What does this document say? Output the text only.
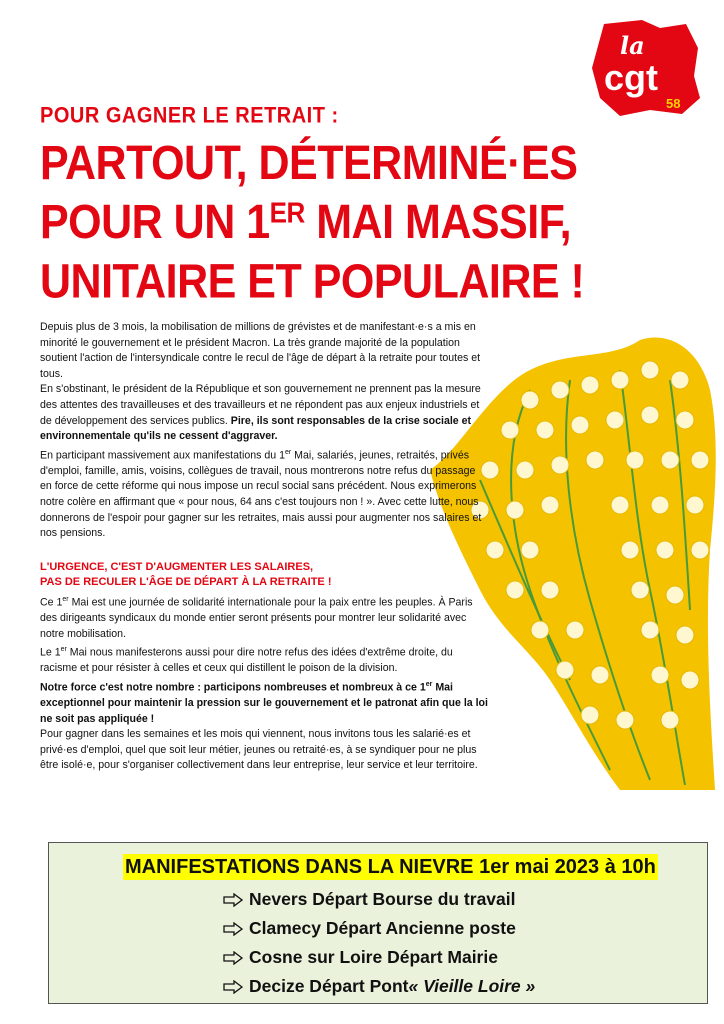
la
cgt
58
POUR GAGNER LE RETRAIT :
PARTOUT, DÉTERMINÉ·ES
POUR UN 1ER MAI MASSIF,
UNITAIRE ET POPULAIRE !

Depuis plus de 3 mois, la mobilisation de millions de grévistes et de manifestant·e·s a mis en minorité le gouvernement et le président Macron. La très grande majorité de la population soutient l'action de l'intersyndicale contre le recul de l'âge de départ à la retraite pour toutes et tous.

En s'obstinant, le président de la République et son gouvernement ne prennent pas la mesure des attentes des travailleuses et des travailleurs et ne répondent pas aux enjeux industriels et de développement des services publics. Pire, ils sont responsables de la crise sociale et environnementale qu'ils ne cessent d'aggraver.

En participant massivement aux manifestations du 1er Mai, salariés, jeunes, retraités, privés d'emploi, famille, amis, voisins, collègues de travail, nous montrerons notre refus du passage en force de cette réforme qui nous impose un recul social sans précédent. Nous exprimerons notre colère en affirmant que « pour nous, 64 ans c'est toujours non ! ». Avec cette lutte, nous donnerons de l'espoir pour gagner sur les retraites, mais aussi pour augmenter nos salaires et nos pensions.

L'URGENCE, C'EST D'AUGMENTER LES SALAIRES,
PAS DE RECULER L'ÂGE DE DÉPART À LA RETRAITE !

Ce 1er Mai est une journée de solidarité internationale pour la paix entre les peuples. À Paris des dirigeants syndicaux du monde entier seront présents pour montrer leur solidarité avec notre mobilisation.

Le 1er Mai nous manifesterons aussi pour dire notre refus des idées d'extrême droite, du racisme et pour résister à celles et ceux qui distillent le poison de la division.

Notre force c'est notre nombre : participons nombreuses et nombreux à ce 1er Mai exceptionnel pour maintenir la pression sur le gouvernement et le patronat afin que la loi ne soit pas appliquée !

Pour gagner dans les semaines et les mois qui viennent, nous invitons tous les salarié·es et privé·es d'emploi, quel que soit leur métier, jeunes ou retraité·es, à se syndiquer pour ne plus être isolé·e, pour s'organiser collectivement dans leur entreprise, leur service et leur territoire.

MANIFESTATIONS DANS LA NIEVRE 1er mai 2023 à 10h
Nevers Départ Bourse du travail
Clamecy Départ Ancienne poste
Cosne sur Loire Départ Mairie
Decize Départ Pont « Vieille Loire »
